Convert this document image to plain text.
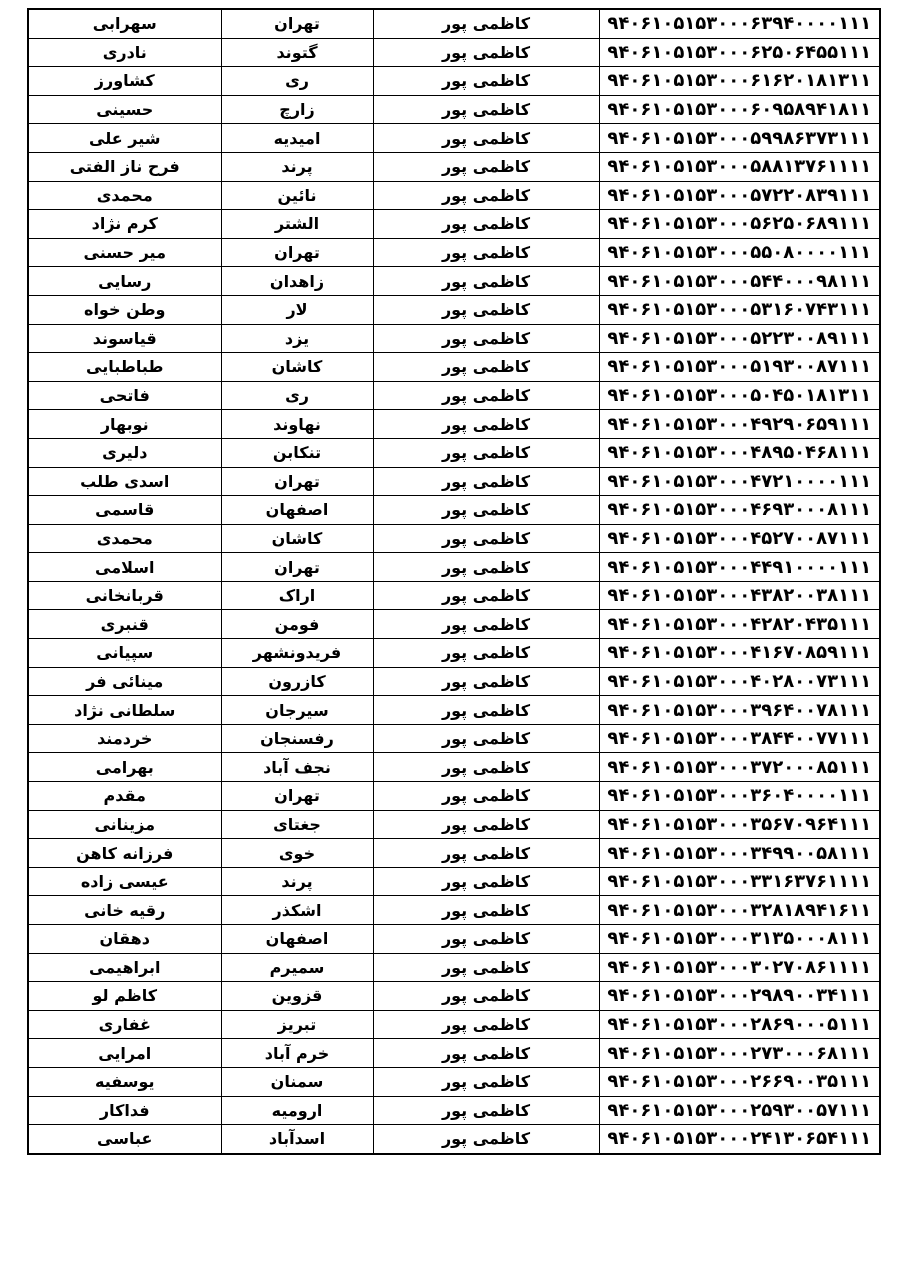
سهرابی	تهران	کاظمی پور	۹۴۰۶۱۰۵۱۵۳۰۰۰۶۳۹۴۰۰۰۰۱۱۱
نادری	گتوند	کاظمی پور	۹۴۰۶۱۰۵۱۵۳۰۰۰۶۲۵۰۶۴۵۵۱۱۱
کشاورز	ری	کاظمی پور	۹۴۰۶۱۰۵۱۵۳۰۰۰۶۱۶۲۰۱۸۱۳۱۱
حسینی	زارچ	کاظمی پور	۹۴۰۶۱۰۵۱۵۳۰۰۰۶۰۹۵۸۹۴۱۸۱۱
شیر علی	امیدیه	کاظمی پور	۹۴۰۶۱۰۵۱۵۳۰۰۰۵۹۹۸۶۳۷۳۱۱۱
فرح ناز الفتی	پرند	کاظمی پور	۹۴۰۶۱۰۵۱۵۳۰۰۰۵۸۸۱۳۷۶۱۱۱۱
محمدی	نائین	کاظمی پور	۹۴۰۶۱۰۵۱۵۳۰۰۰۵۷۲۲۰۸۳۹۱۱۱
کرم نژاد	الشتر	کاظمی پور	۹۴۰۶۱۰۵۱۵۳۰۰۰۵۶۲۵۰۶۸۹۱۱۱
میر حسنی	تهران	کاظمی پور	۹۴۰۶۱۰۵۱۵۳۰۰۰۵۵۰۸۰۰۰۰۱۱۱
رسایی	زاهدان	کاظمی پور	۹۴۰۶۱۰۵۱۵۳۰۰۰۵۴۴۰۰۰۹۸۱۱۱
وطن خواه	لار	کاظمی پور	۹۴۰۶۱۰۵۱۵۳۰۰۰۵۳۱۶۰۷۴۳۱۱۱
قیاسوند	یزد	کاظمی پور	۹۴۰۶۱۰۵۱۵۳۰۰۰۵۲۲۳۰۰۸۹۱۱۱
طباطبایی	کاشان	کاظمی پور	۹۴۰۶۱۰۵۱۵۳۰۰۰۵۱۹۳۰۰۸۷۱۱۱
فاتحی	ری	کاظمی پور	۹۴۰۶۱۰۵۱۵۳۰۰۰۵۰۴۵۰۱۸۱۳۱۱
نوبهار	نهاوند	کاظمی پور	۹۴۰۶۱۰۵۱۵۳۰۰۰۴۹۲۹۰۶۵۹۱۱۱
دلیری	تنکابن	کاظمی پور	۹۴۰۶۱۰۵۱۵۳۰۰۰۴۸۹۵۰۴۶۸۱۱۱
اسدی طلب	تهران	کاظمی پور	۹۴۰۶۱۰۵۱۵۳۰۰۰۴۷۲۱۰۰۰۰۱۱۱
قاسمی	اصفهان	کاظمی پور	۹۴۰۶۱۰۵۱۵۳۰۰۰۴۶۹۳۰۰۰۸۱۱۱
محمدی	کاشان	کاظمی پور	۹۴۰۶۱۰۵۱۵۳۰۰۰۴۵۲۷۰۰۸۷۱۱۱
اسلامی	تهران	کاظمی پور	۹۴۰۶۱۰۵۱۵۳۰۰۰۴۴۹۱۰۰۰۰۱۱۱
قربانخانی	اراک	کاظمی پور	۹۴۰۶۱۰۵۱۵۳۰۰۰۴۳۸۲۰۰۳۸۱۱۱
قنبری	فومن	کاظمی پور	۹۴۰۶۱۰۵۱۵۳۰۰۰۴۲۸۲۰۴۳۵۱۱۱
سپیانی	فریدونشهر	کاظمی پور	۹۴۰۶۱۰۵۱۵۳۰۰۰۴۱۶۷۰۸۵۹۱۱۱
مینائی فر	کازرون	کاظمی پور	۹۴۰۶۱۰۵۱۵۳۰۰۰۴۰۲۸۰۰۷۳۱۱۱
سلطانی نژاد	سیرجان	کاظمی پور	۹۴۰۶۱۰۵۱۵۳۰۰۰۳۹۶۴۰۰۷۸۱۱۱
خردمند	رفسنجان	کاظمی پور	۹۴۰۶۱۰۵۱۵۳۰۰۰۳۸۴۴۰۰۷۷۱۱۱
بهرامی	نجف آباد	کاظمی پور	۹۴۰۶۱۰۵۱۵۳۰۰۰۳۷۲۰۰۰۸۵۱۱۱
مقدم	تهران	کاظمی پور	۹۴۰۶۱۰۵۱۵۳۰۰۰۳۶۰۴۰۰۰۰۱۱۱
مزینانی	جغتای	کاظمی پور	۹۴۰۶۱۰۵۱۵۳۰۰۰۳۵۶۷۰۹۶۴۱۱۱
فرزانه کاهن	خوی	کاظمی پور	۹۴۰۶۱۰۵۱۵۳۰۰۰۳۴۹۹۰۰۵۸۱۱۱
عیسی زاده	پرند	کاظمی پور	۹۴۰۶۱۰۵۱۵۳۰۰۰۳۳۱۶۳۷۶۱۱۱۱
رقیه خانی	اشکذر	کاظمی پور	۹۴۰۶۱۰۵۱۵۳۰۰۰۳۲۸۱۸۹۴۱۶۱۱
دهقان	اصفهان	کاظمی پور	۹۴۰۶۱۰۵۱۵۳۰۰۰۳۱۳۵۰۰۰۸۱۱۱
ابراهیمی	سمیرم	کاظمی پور	۹۴۰۶۱۰۵۱۵۳۰۰۰۳۰۲۷۰۸۶۱۱۱۱
کاظم لو	قزوین	کاظمی پور	۹۴۰۶۱۰۵۱۵۳۰۰۰۲۹۸۹۰۰۳۴۱۱۱
غفاری	تبریز	کاظمی پور	۹۴۰۶۱۰۵۱۵۳۰۰۰۲۸۶۹۰۰۰۵۱۱۱
امرایی	خرم آباد	کاظمی پور	۹۴۰۶۱۰۵۱۵۳۰۰۰۲۷۳۰۰۰۶۸۱۱۱
یوسفیه	سمنان	کاظمی پور	۹۴۰۶۱۰۵۱۵۳۰۰۰۲۶۶۹۰۰۳۵۱۱۱
فداکار	ارومیه	کاظمی پور	۹۴۰۶۱۰۵۱۵۳۰۰۰۲۵۹۳۰۰۵۷۱۱۱
عباسی	اسدآباد	کاظمی پور	۹۴۰۶۱۰۵۱۵۳۰۰۰۲۴۱۳۰۶۵۴۱۱۱
